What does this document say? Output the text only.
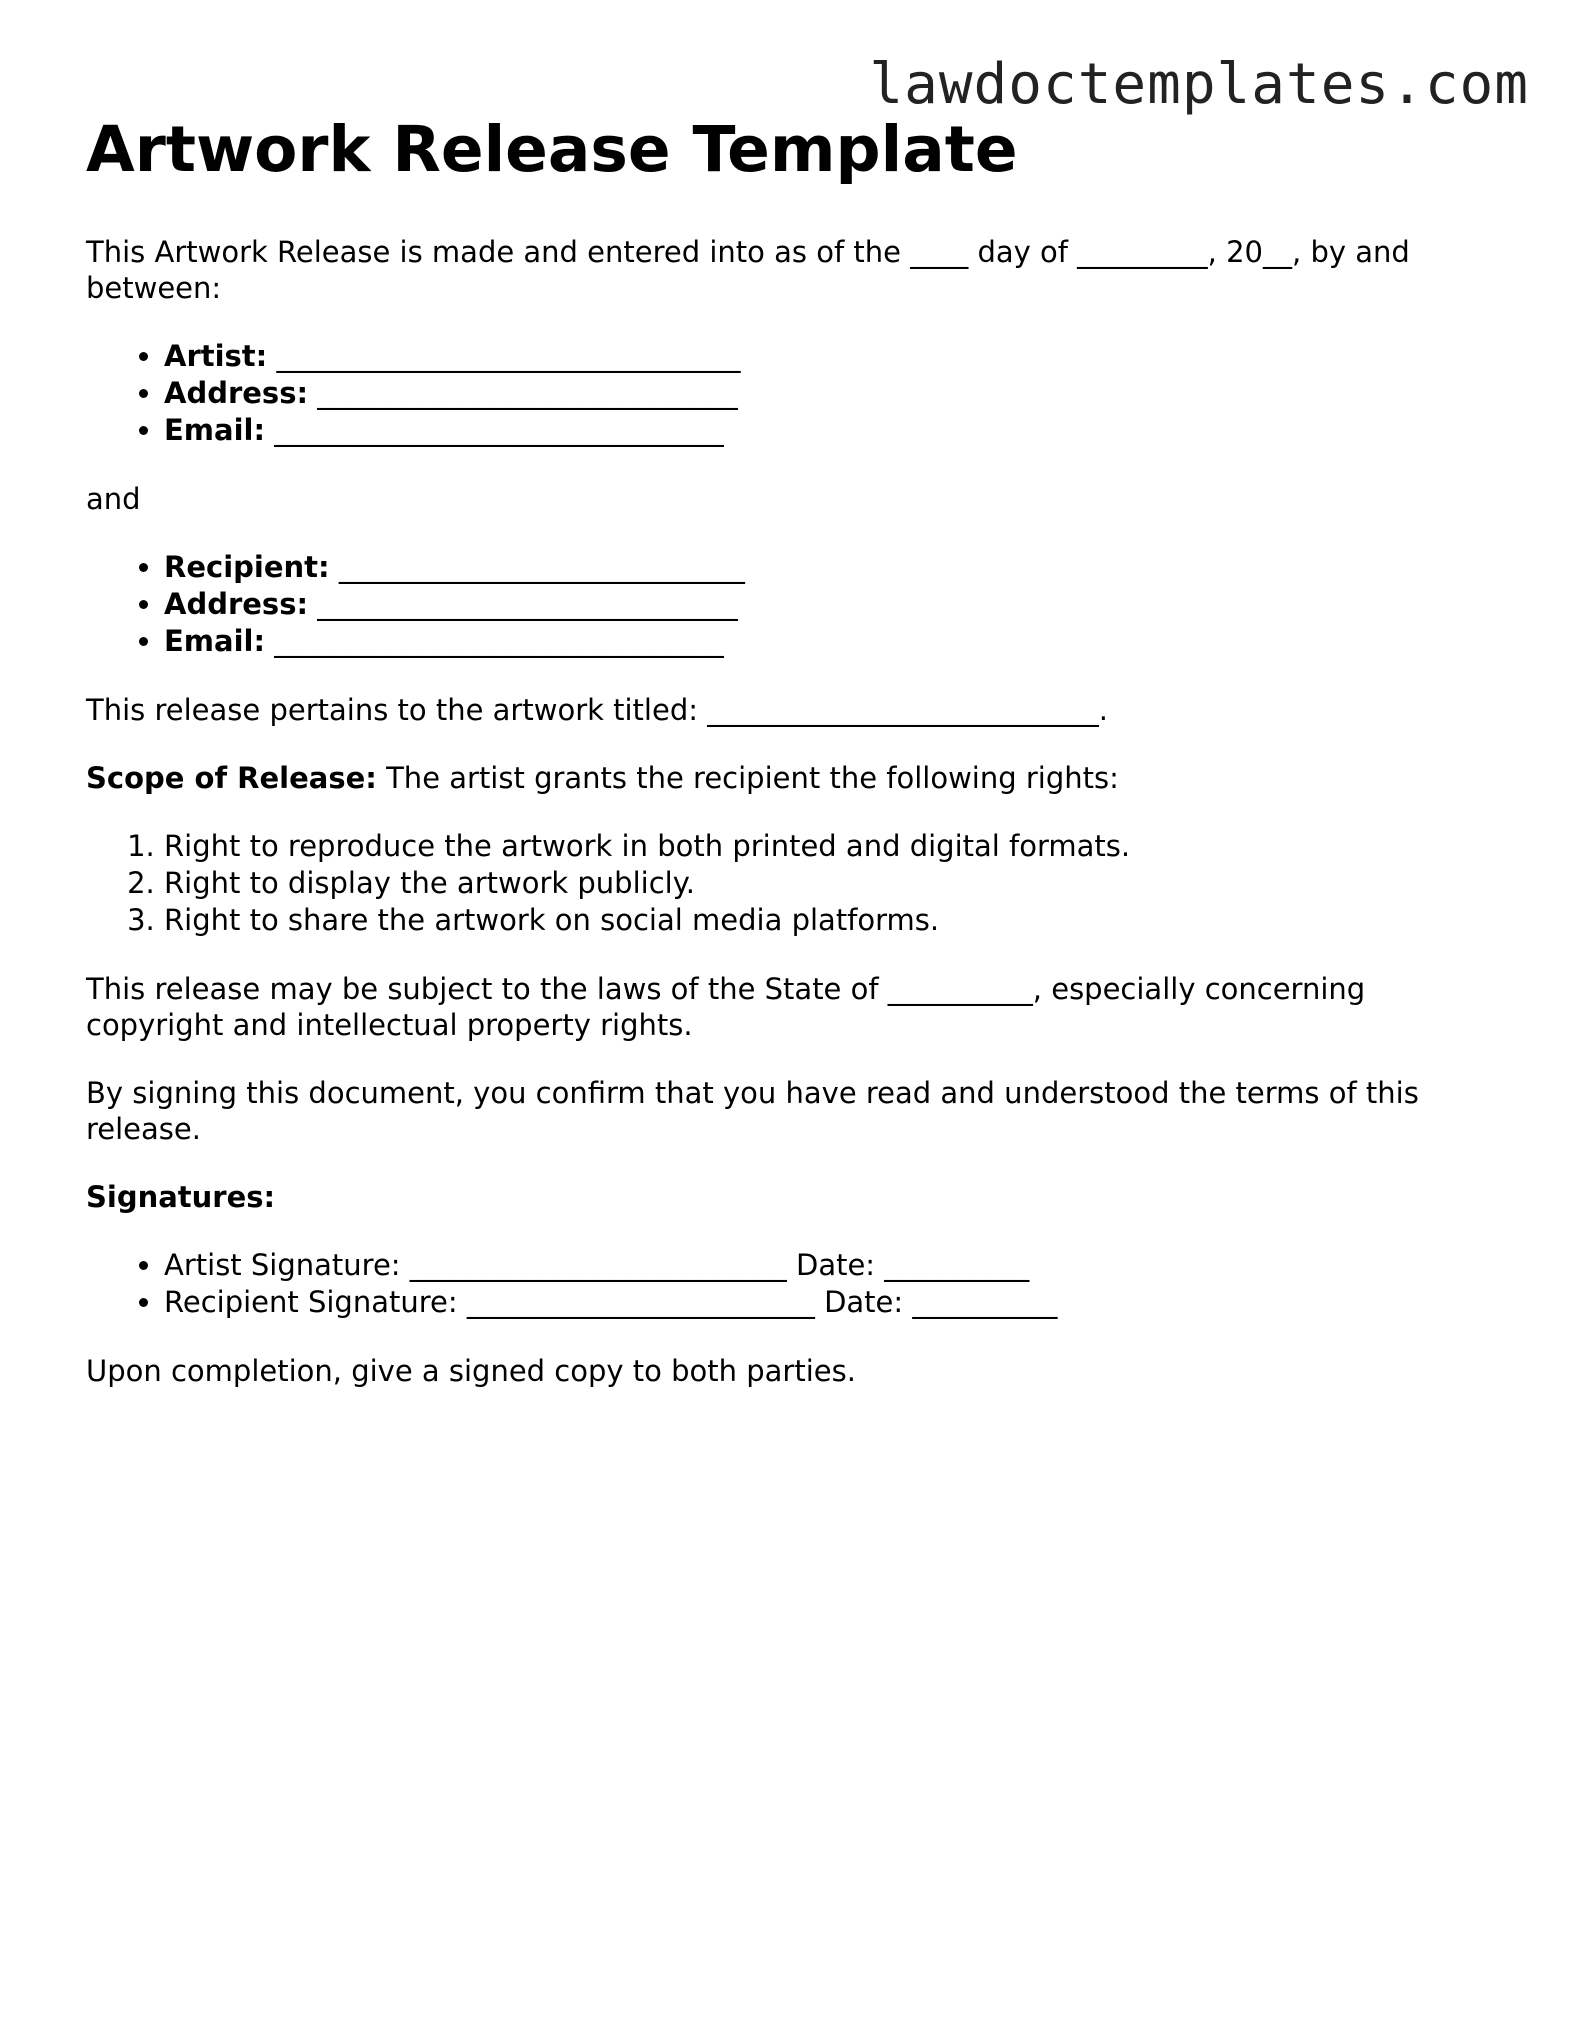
lawdoctemplates.com
Artwork Release Template

This Artwork Release is made and entered into as of the ____ day of _________, 20__, by and between:

• Artist: ________________________________
• Address: _____________________________
• Email: _______________________________

and

• Recipient: ____________________________
• Address: _____________________________
• Email: _______________________________

This release pertains to the artwork titled: ___________________________.

Scope of Release: The artist grants the recipient the following rights:

1. Right to reproduce the artwork in both printed and digital formats.
2. Right to display the artwork publicly.
3. Right to share the artwork on social media platforms.

This release may be subject to the laws of the State of __________, especially concerning copyright and intellectual property rights.

By signing this document, you confirm that you have read and understood the terms of this release.

Signatures:

• Artist Signature: __________________________ Date: __________
• Recipient Signature: ________________________ Date: __________

Upon completion, give a signed copy to both parties.
